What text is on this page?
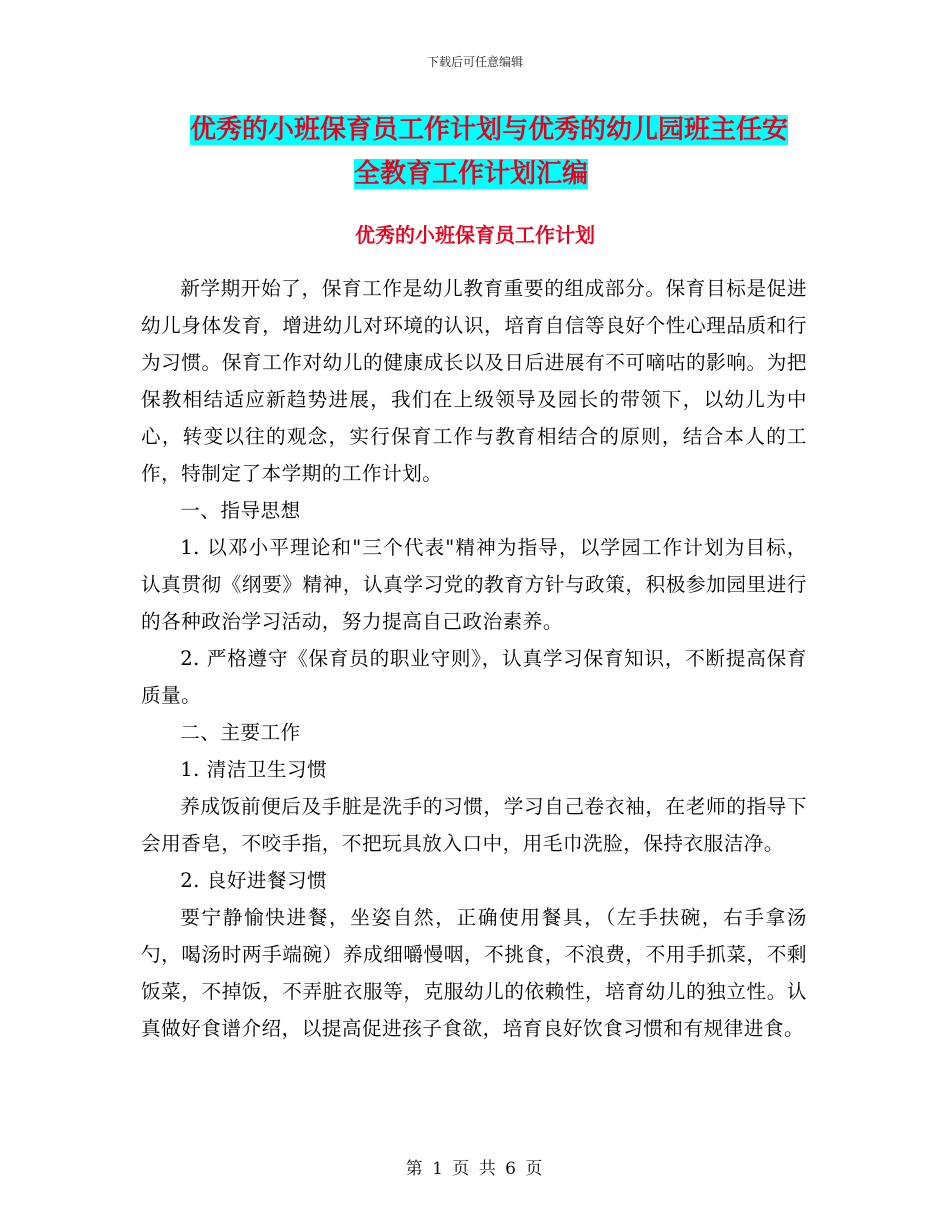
下载后可任意编辑
优秀的小班保育员工作计划与优秀的幼儿园班主任安
全教育工作计划汇编
优秀的小班保育员工作计划

新学期开始了，保育工作是幼儿教育重要的组成部分。保育目标是促进幼儿身体发育，增进幼儿对环境的认识，培育自信等良好个性心理品质和行为习惯。保育工作对幼儿的健康成长以及日后进展有不可嘀咕的影响。为把保教相结适应新趋势进展，我们在上级领导及园长的带领下，以幼儿为中心，转变以往的观念，实行保育工作与教育相结合的原则，结合本人的工作，特制定了本学期的工作计划。

一、指导思想

1. 以邓小平理论和"三个代表"精神为指导，以学园工作计划为目标，认真贯彻《纲要》精神，认真学习党的教育方针与政策，积极参加园里进行的各种政治学习活动，努力提高自己政治素养。

2. 严格遵守《保育员的职业守则》，认真学习保育知识，不断提高保育质量。

二、主要工作

1. 清洁卫生习惯

养成饭前便后及手脏是洗手的习惯，学习自己卷衣袖，在老师的指导下会用香皂，不咬手指，不把玩具放入口中，用毛巾洗脸，保持衣服洁净。

2. 良好进餐习惯

要宁静愉快进餐，坐姿自然，正确使用餐具，（左手扶碗，右手拿汤勺，喝汤时两手端碗）养成细嚼慢咽，不挑食，不浪费，不用手抓菜，不剩饭菜，不掉饭，不弄脏衣服等，克服幼儿的依赖性，培育幼儿的独立性。认真做好食谱介绍，以提高促进孩子食欲，培育良好饮食习惯和有规律进食。

第 1 页 共 6 页
